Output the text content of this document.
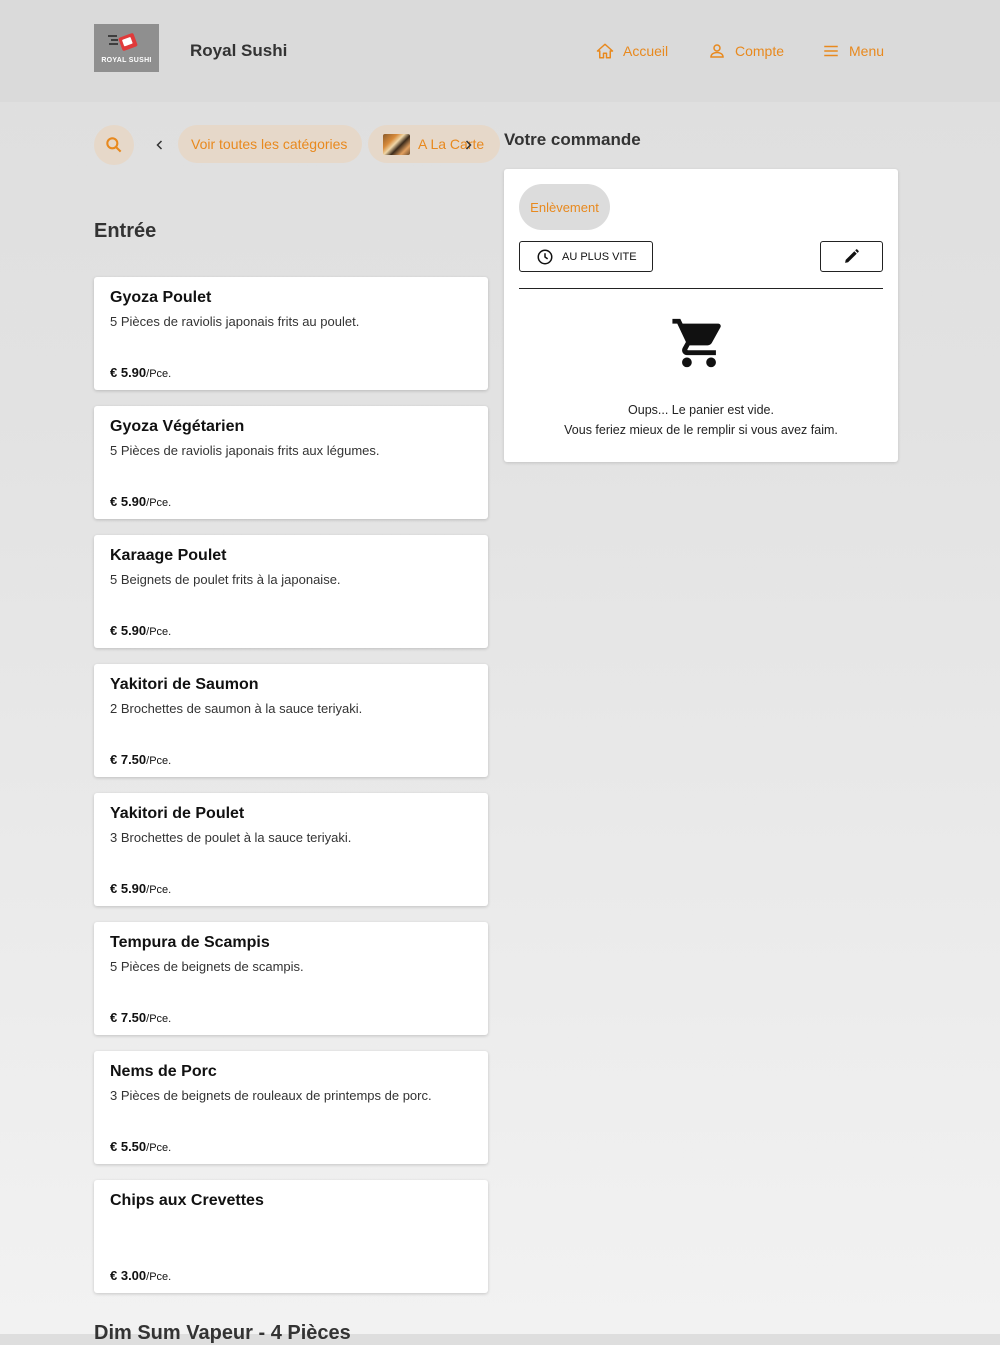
ROYAL SUSHI
Royal Sushi	Accueil	Compte	Menu
Voir toutes les catégories	A La Carte
Entrée
Gyoza Poulet
5 Pièces de raviolis japonais frits au poulet.
€ 5.90/Pce.
Gyoza Végétarien
5 Pièces de raviolis japonais frits aux légumes.
€ 5.90/Pce.
Karaage Poulet
5 Beignets de poulet frits à la japonaise.
€ 5.90/Pce.
Yakitori de Saumon
2 Brochettes de saumon à la sauce teriyaki.
€ 7.50/Pce.
Yakitori de Poulet
3 Brochettes de poulet à la sauce teriyaki.
€ 5.90/Pce.
Tempura de Scampis
5 Pièces de beignets de scampis.
€ 7.50/Pce.
Nems de Porc
3 Pièces de beignets de rouleaux de printemps de porc.
€ 5.50/Pce.
Chips aux Crevettes
€ 3.00/Pce.
Dim Sum Vapeur - 4 Pièces
Votre commande
Enlèvement
AU PLUS VITE
Oups... Le panier est vide.
Vous feriez mieux de le remplir si vous avez faim.
